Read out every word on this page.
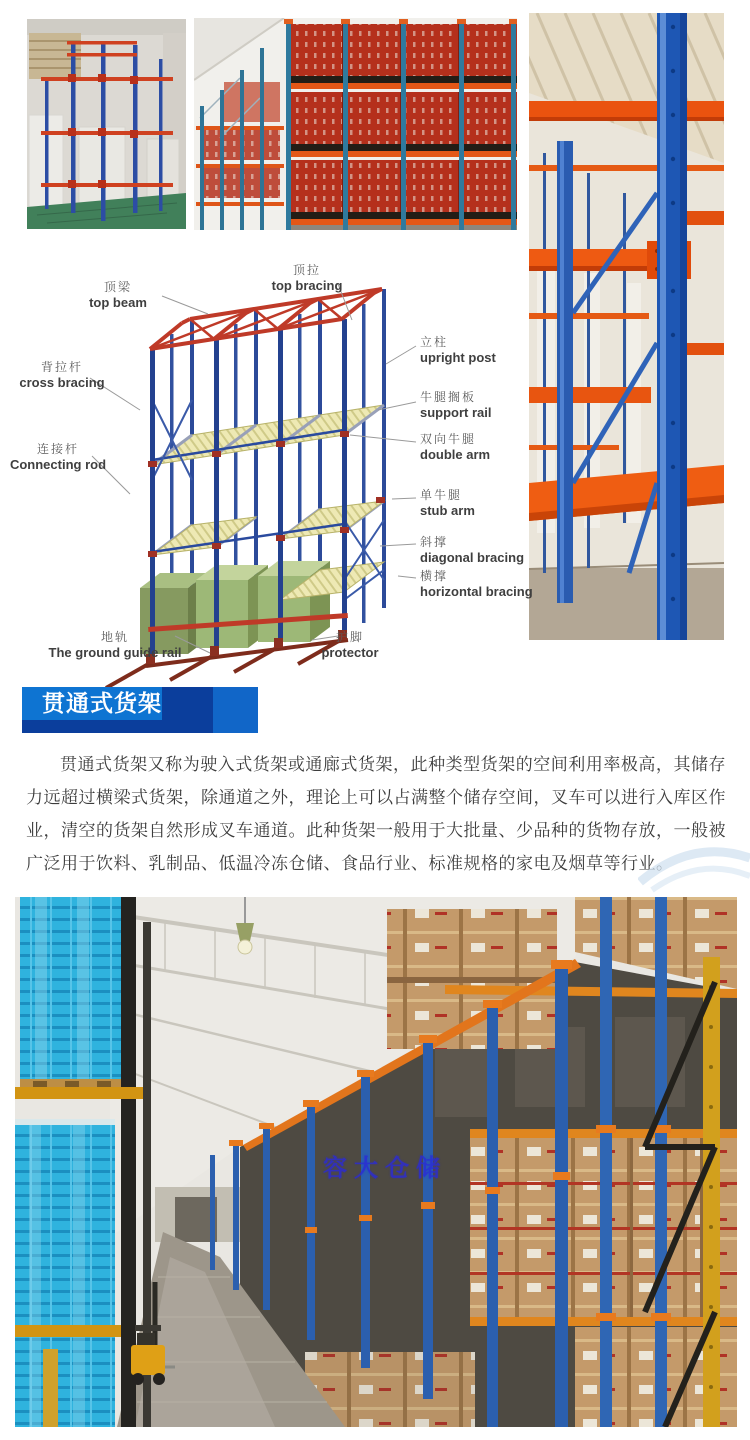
顶梁
top beam
顶拉
top bracing
立柱
upright post
背拉杆
cross bracing
牛腿搁板
support rail
双向牛腿
double arm
连接杆
Connecting rod
单牛腿
stub arm
斜撑
diagonal bracing
横撑
horizontal bracing
地轨
The ground guide rail
护脚
protector
贯通式货架

贯通式货架又称为驶入式货架或通廊式货架，此种类型货架的空间利用率极高，其储存力远超过横梁式货架，除通道之外，理论上可以占满整个储存空间，叉车可以进行入库区作业，清空的货架自然形成叉车通道。此种货架一般用于大批量、少品种的货物存放，一般被广泛用于饮料、乳制品、低温冷冻仓储、食品行业、标准规格的家电及烟草等行业。

容大仓储
